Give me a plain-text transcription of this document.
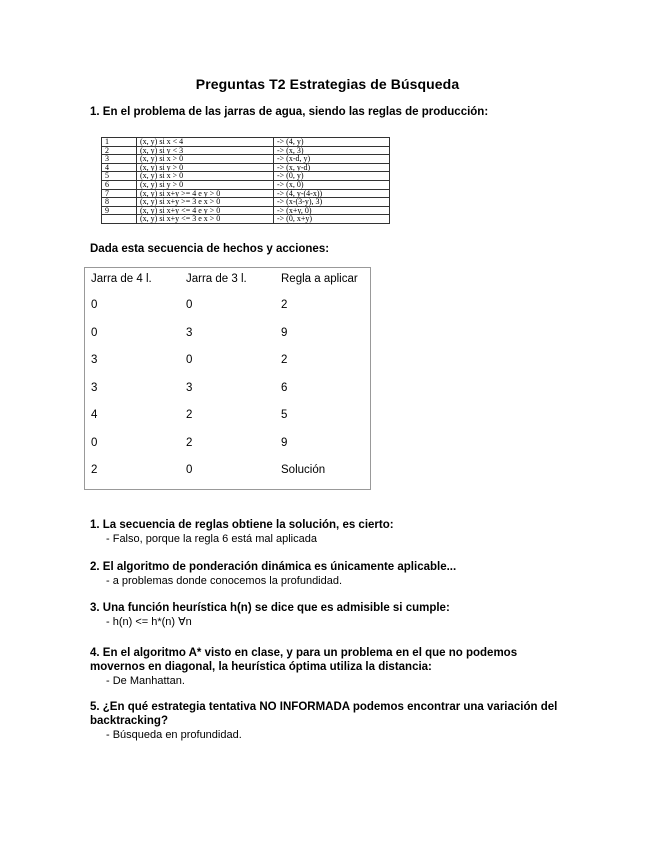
Preguntas T2 Estrategias de Búsqueda
1. En el problema de las jarras de agua, siendo las reglas de producción:
1	(x, y) si x < 4	-> (4, y)
2	(x, y) si y < 3	-> (x, 3)
3	(x, y) si x > 0	-> (x-d, y)
4	(x, y) si y > 0	-> (x, y-d)
5	(x, y) si x > 0	-> (0, y)
6	(x, y) si y > 0	-> (x, 0)
7	(x, y) si x+y >= 4 e y > 0	-> (4, y-(4-x))
8	(x, y) si x+y >= 3 e x > 0	-> (x-(3-y), 3)
9	(x, y) si x+y <= 4 e y > 0	-> (x+y, 0)
	(x, y) si x+y <= 3 e x > 0	-> (0, x+y)
Dada esta secuencia de hechos y acciones:
Jarra de 4 l.	Jarra de 3 l.	Regla a aplicar
0	0	2
0	3	9
3	0	2
3	3	6
4	2	5
0	2	9
2	0	Solución
1. La secuencia de reglas obtiene la solución, es cierto:
- Falso, porque la regla 6 está mal aplicada
2. El algoritmo de ponderación dinámica es únicamente aplicable...
- a problemas donde conocemos la profundidad.
3. Una función heurística h(n) se dice que es admisible si cumple:
- h(n) <= h*(n) ∀n
4. En el algoritmo A* visto en clase, y para un problema en el que no podemos movernos en diagonal, la heurística óptima utiliza la distancia:
- De Manhattan.
5. ¿En qué estrategia tentativa NO INFORMADA podemos encontrar una variación del backtracking?
- Búsqueda en profundidad.
